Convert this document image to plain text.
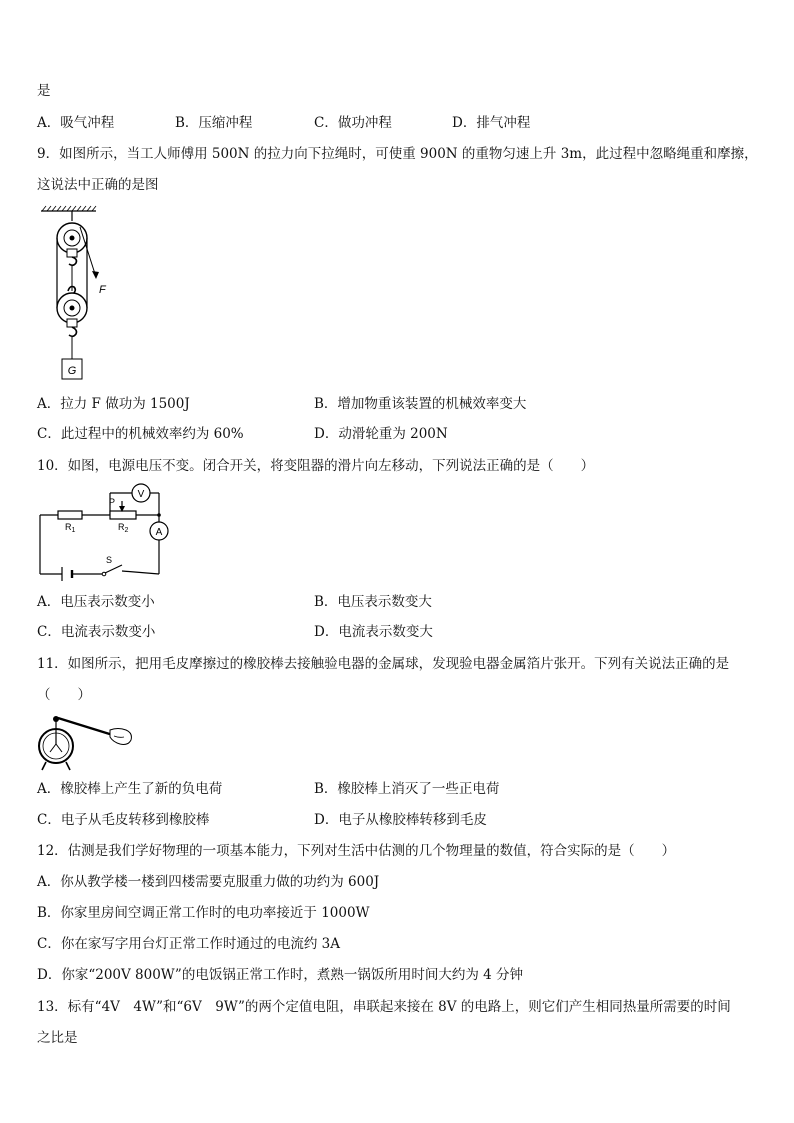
是
A．吸气冲程	B．压缩冲程	C．做功冲程	D．排气冲程
9．如图所示，当工人师傅用 500N 的拉力向下拉绳时，可使重 900N 的重物匀速上升 3m，此过程中忽略绳重和摩擦，
这说法中正确的是图
F
G
A．拉力 F 做功为 1500J	B．增加物重该装置的机械效率变大
C．此过程中的机械效率约为 60%	D．动滑轮重为 200N
10．如图，电源电压不变。闭合开关，将变阻器的滑片向左移动，下列说法正确的是（　　）
$R_1$	$R_2$
P
V
A
S
A．电压表示数变小	B．电压表示数变大
C．电流表示数变小	D．电流表示数变大
11．如图所示，把用毛皮摩擦过的橡胶棒去接触验电器的金属球，发现验电器金属箔片张开。下列有关说法正确的是
（　　）
A．橡胶棒上产生了新的负电荷	B．橡胶棒上消灭了一些正电荷
C．电子从毛皮转移到橡胶棒	D．电子从橡胶棒转移到毛皮
12．估测是我们学好物理的一项基本能力，下列对生活中估测的几个物理量的数值，符合实际的是（　　）
A．你从教学楼一楼到四楼需要克服重力做的功约为 600J
B．你家里房间空调正常工作时的电功率接近于 1000W
C．你在家写字用台灯正常工作时通过的电流约 3A
D．你家“200V 800W”的电饭锅正常工作时，煮熟一锅饭所用时间大约为 4 分钟
13．标有“4V　4W”和“6V　9W”的两个定值电阻，串联起来接在 8V 的电路上，则它们产生相同热量所需要的时间
之比是
